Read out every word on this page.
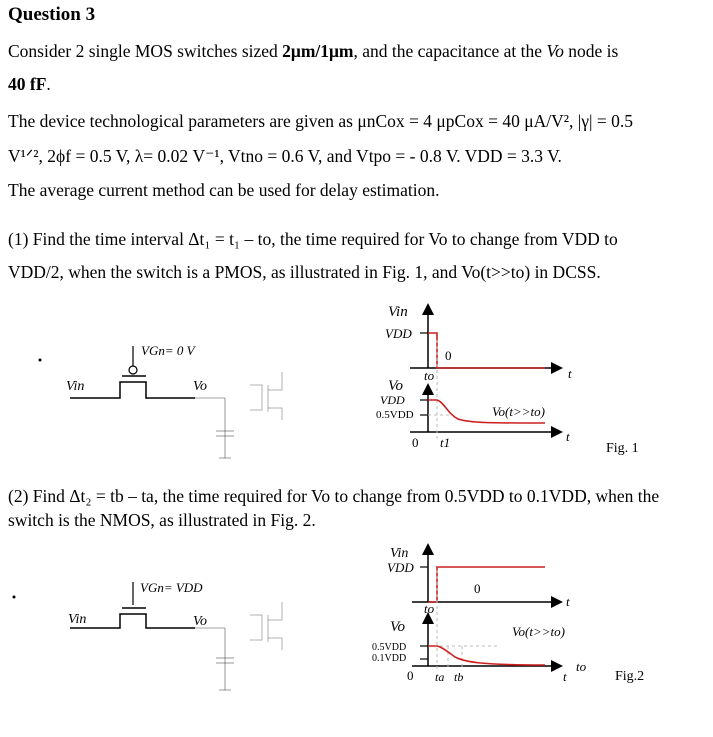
Question 3
Consider 2 single MOS switches sized 2μm/1μm, and the capacitance at the Vo node is
40 fF.
The device technological parameters are given as μnCox = 4 μpCox = 40 μA/V², |γ| = 0.5
V¹ᐟ², 2ϕf = 0.5 V, λ= 0.02 V⁻¹, Vtno = 0.6 V, and Vtpo = - 0.8 V. VDD = 3.3 V.
The average current method can be used for delay estimation.
(1) Find the time interval Δt₁ = t₁ – to, the time required for Vo to change from VDD to
VDD/2, when the switch is a PMOS, as illustrated in Fig. 1, and Vo(t>>to) in DCSS.
VGn= 0 V
Vin	Vo
Vin
VDD
0
to	t
Vo
VDD
0.5VDD	Vo(t>>to)
0 t1	t
Fig. 1
(2) Find Δt₂ = tb – ta, the time required for Vo to change from 0.5VDD to 0.1VDD, when the
switch is the NMOS, as illustrated in Fig. 2.
VGn= VDD
Vin	Vo
Vin
VDD
0
to	t
Vo
0.5VDD
0.1VDD
Vo(t>>to)
0 ta tb	t
to
Fig.2
